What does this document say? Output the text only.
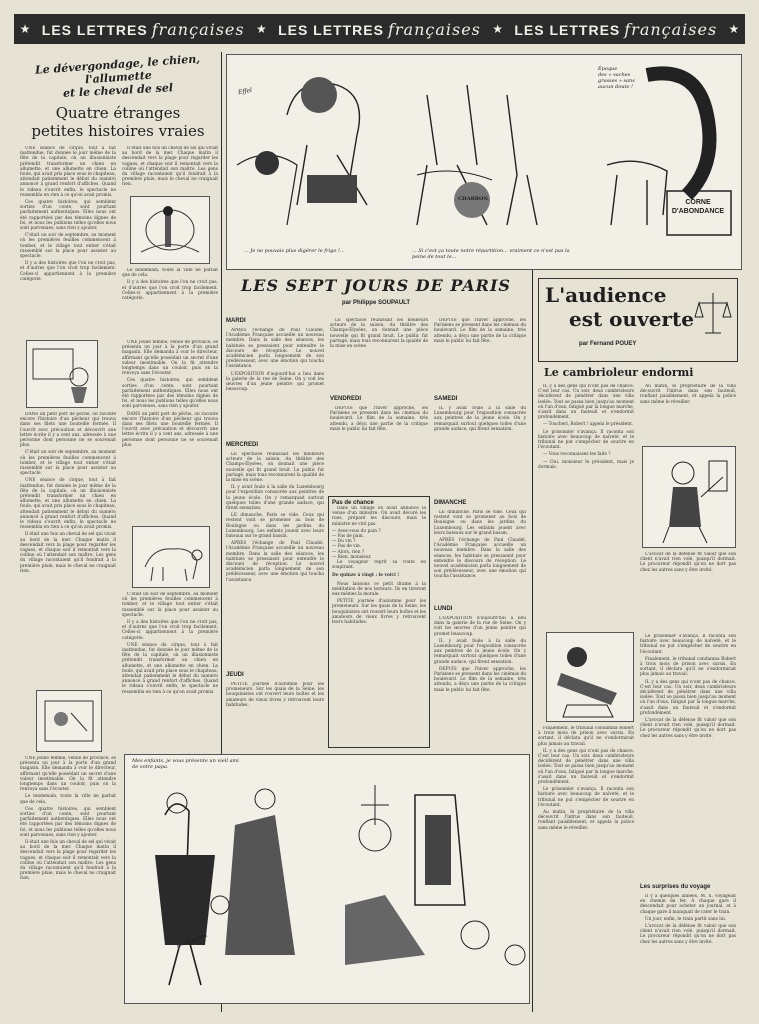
★ LES LETTRES françaises ★ LES LETTRES françaises ★ LES LETTRES françaises ★
Le dévergondage, le chien, l'allumette
et le cheval de sel
Quatre étranges
petites histoires vraies

UNE séance de cirque, tout à fait inattendue, fut donnée le jour même de la fête de la capitale, où un illusionniste prétendit transformer un chien en allumette, et une allumette en chien. La foule, qui avait pris place sous le chapiteau, attendait patiemment le début du numéro annoncé à grand renfort d'affiches. Quand le rideau s'ouvrit enfin, le spectacle ne ressembla en rien à ce qu'on avait promis.

Ces quatre histoires, qui semblent sorties d'un conte, sont pourtant parfaitement authentiques. Elles nous ont été rapportées par des témoins dignes de foi, et nous les publions telles qu'elles nous sont parvenues, sans rien y ajouter.

C'était un soir de septembre, au moment où les premières feuilles commencent à tomber, et le village tout entier s'était rassemblé sur la place pour assister au spectacle.

Il y a des histoires que l'on ne croit pas, et d'autres que l'on croit trop facilement. Celles-ci appartiennent à la première catégorie.

Il était une fois un cheval de sel qui vivait au bord de la mer. Chaque matin il descendait vers la plage pour regarder les vagues, et chaque soir il remontait vers la colline où l'attendait son maître. Les gens du village racontaient qu'il fondrait à la première pluie, mais le cheval ne craignait rien.

Le lendemain, toute la ville ne parlait que de cela.

Il y a des histoires que l'on ne croit pas, et d'autres que l'on croit trop facilement. Celles-ci appartiennent à la première catégorie.

DANS un petit port de pêche, on raconte encore l'histoire d'un pêcheur qui trouva dans ses filets une bouteille fermée. Il l'ouvrit avec précaution et découvrit une lettre écrite il y a cent ans, adressée à une personne dont personne ne se souvenait plus.

C'était un soir de septembre, au moment où les premières feuilles commencent à tomber, et le village tout entier s'était rassemblé sur la place pour assister au spectacle.

UNE séance de cirque, tout à fait inattendue, fut donnée le jour même de la fête de la capitale, où un illusionniste prétendit transformer un chien en allumette, et une allumette en chien. La foule, qui avait pris place sous le chapiteau, attendait patiemment le début du numéro annoncé à grand renfort d'affiches. Quand le rideau s'ouvrit enfin, le spectacle ne ressembla en rien à ce qu'on avait promis.

Il était une fois un cheval de sel qui vivait au bord de la mer. Chaque matin il descendait vers la plage pour regarder les vagues, et chaque soir il remontait vers la colline où l'attendait son maître. Les gens du village racontaient qu'il fondrait à la première pluie, mais le cheval ne craignait rien.

UNE jeune femme, venue de province, se présenta un jour à la porte d'un grand magasin. Elle demanda à voir le directeur, affirmant qu'elle possédait un secret d'une valeur inestimable. On la fit attendre longtemps dans un couloir, puis on la renvoya sans l'écouter.

Ces quatre histoires, qui semblent sorties d'un conte, sont pourtant parfaitement authentiques. Elles nous ont été rapportées par des témoins dignes de foi, et nous les publions telles qu'elles nous sont parvenues, sans rien y ajouter.

DANS un petit port de pêche, on raconte encore l'histoire d'un pêcheur qui trouva dans ses filets une bouteille fermée. Il l'ouvrit avec précaution et découvrit une lettre écrite il y a cent ans, adressée à une personne dont personne ne se souvenait plus.

C'était un soir de septembre, au moment où les premières feuilles commencent à tomber, et le village tout entier s'était rassemblé sur la place pour assister au spectacle.

Il y a des histoires que l'on ne croit pas, et d'autres que l'on croit trop facilement. Celles-ci appartiennent à la première catégorie.

UNE séance de cirque, tout à fait inattendue, fut donnée le jour même de la fête de la capitale, où un illusionniste prétendit transformer un chien en allumette, et une allumette en chien. La foule, qui avait pris place sous le chapiteau, attendait patiemment le début du numéro annoncé à grand renfort d'affiches. Quand le rideau s'ouvrit enfin, le spectacle ne ressembla en rien à ce qu'on avait promis.

UNE jeune femme, venue de province, se présenta un jour à la porte d'un grand magasin. Elle demanda à voir le directeur, affirmant qu'elle possédait un secret d'une valeur inestimable. On la fit attendre longtemps dans un couloir, puis on la renvoya sans l'écouter.

Le lendemain, toute la ville ne parlait que de cela.

Ces quatre histoires, qui semblent sorties d'un conte, sont pourtant parfaitement authentiques. Elles nous ont été rapportées par des témoins dignes de foi, et nous les publions telles qu'elles nous sont parvenues, sans rien y ajouter.

Il était une fois un cheval de sel qui vivait au bord de la mer. Chaque matin il descendait vers la plage pour regarder les vagues, et chaque soir il remontait vers la colline où l'attendait son maître. Les gens du village racontaient qu'il fondrait à la première pluie, mais le cheval ne craignait rien.

Effel
... Je ne pouvais plus digérer le frigo !...	... Si c'est ça toute notre répartition... vraiment ce n'est pas la peine de tout le...
Époque
des « vaches
grasses » sans
aucun doute !
CHARBON	CORNE
D'ABONDANCE
LES SEPT JOURS DE PARIS
par Philippe SOUPAULT
MARDI

APRÈS l'échange de Paul Claudel, l'Académie Française accueille un nouveau membre. Dans la salle des séances, les habitués se pressaient pour entendre le discours de réception. Le nouvel académicien parla longuement de son prédécesseur, avec une émotion qui toucha l'assistance.

L'EXPOSITION d'aujourd'hui a lieu dans la galerie de la rue de Seine. On y voit les œuvres d'un jeune peintre qui promet beaucoup.

MERCREDI

LE spectacle réunissait les meilleurs acteurs de la saison. Au théâtre des Champs-Élysées, on donnait une pièce nouvelle qui fit grand bruit. Le public fut partagé, mais tous reconnurent la qualité de la mise en scène.

IL y avait foule à la salle du Luxembourg pour l'exposition consacrée aux peintres de la jeune école. On y remarquait surtout quelques toiles d'une grande audace, qui firent sensation.

LE dimanche, Paris se vide. Ceux qui restent vont se promener au bois de Boulogne ou dans les jardins du Luxembourg. Les enfants jouent avec leurs bateaux sur le grand bassin.

APRÈS l'échange de Paul Claudel, l'Académie Française accueille un nouveau membre. Dans la salle des séances, les habitués se pressaient pour entendre le discours de réception. Le nouvel académicien parla longuement de son prédécesseur, avec une émotion qui toucha l'assistance.

JEUDI

PETITE journée d'automne pour les promeneurs. Sur les quais de la Seine, les bouquinistes ont rouvert leurs boîtes et les amateurs de vieux livres y retrouvent leurs habitudes.

LE spectacle réunissait les meilleurs acteurs de la saison. Au théâtre des Champs-Élysées, on donnait une pièce nouvelle qui fit grand bruit. Le public fut partagé, mais tous reconnurent la qualité de la mise en scène.

VENDREDI

DEPUIS que l'hiver approche, les Parisiens se pressent dans les cinémas du boulevard. Le film de la semaine, très attendu, a déçu une partie de la critique mais le public lui fait fête.

Pas de chance

Dans un village on avait annoncé la venue d'un ministre. On avait décoré les rues, préparé les discours, mais le ministre ne vint pas.

— Avez-vous du pain ?
— Pas de pain.
— Du vin ?
— Pas de vin.
— Alors, rien ?
— Rien, monsieur.

Le voyageur reprit sa route en soupirant.

De quinze à vingt : le voici !

Nous laissons ce petit drame à la méditation de nos lecteurs. Ils en tireront eux-mêmes la morale.

PETITE journée d'automne pour les promeneurs. Sur les quais de la Seine, les bouquinistes ont rouvert leurs boîtes et les amateurs de vieux livres y retrouvent leurs habitudes.

DEPUIS que l'hiver approche, les Parisiens se pressent dans les cinémas du boulevard. Le film de la semaine, très attendu, a déçu une partie de la critique mais le public lui fait fête.

SAMEDI

IL y avait foule à la salle du Luxembourg pour l'exposition consacrée aux peintres de la jeune école. On y remarquait surtout quelques toiles d'une grande audace, qui firent sensation.

DIMANCHE

LE dimanche, Paris se vide. Ceux qui restent vont se promener au bois de Boulogne ou dans les jardins du Luxembourg. Les enfants jouent avec leurs bateaux sur le grand bassin.

APRÈS l'échange de Paul Claudel, l'Académie Française accueille un nouveau membre. Dans la salle des séances, les habitués se pressaient pour entendre le discours de réception. Le nouvel académicien parla longuement de son prédécesseur, avec une émotion qui toucha l'assistance.

LUNDI

L'EXPOSITION d'aujourd'hui a lieu dans la galerie de la rue de Seine. On y voit les œuvres d'un jeune peintre qui promet beaucoup.

IL y avait foule à la salle du Luxembourg pour l'exposition consacrée aux peintres de la jeune école. On y remarquait surtout quelques toiles d'une grande audace, qui firent sensation.

DEPUIS que l'hiver approche, les Parisiens se pressent dans les cinémas du boulevard. Le film de la semaine, très attendu, a déçu une partie de la critique mais le public lui fait fête.

Mes enfants, je vous présente un vieil ami
de votre papa.
Ian Peterson
L'audience
est ouverte
par Fernand POUEY
Le cambrioleur endormi

IL y a des gens qui n'ont pas de chance. C'est leur cas. Un soir, deux cambrioleurs décidèrent de pénétrer dans une villa isolée. Tout se passa bien jusqu'au moment où l'un d'eux, fatigué par la longue marche, s'assit dans un fauteuil et s'endormit profondément.

— Toucheri, Robert ! appela le président.

Le prisonnier s'avança. Il raconta son histoire avec beaucoup de naïveté, et le tribunal ne put s'empêcher de sourire en l'écoutant.

— Vous reconnaissez les faits ?

— Oui, monsieur le président, mais je dormais.

Au matin, le propriétaire de la villa découvrit l'intrus dans son fauteuil, ronflant paisiblement, et appela la police sans même le réveiller.

L'avocat de la défense fit valoir que son client n'avait rien volé, puisqu'il dormait. Le procureur répondit qu'on ne dort pas chez les autres sans y être invité.

Finalement, le tribunal condamna Robert à trois mois de prison avec sursis. En sortant, il déclara qu'il ne s'endormirait plus jamais au travail.

IL y a des gens qui n'ont pas de chance. C'est leur cas. Un soir, deux cambrioleurs décidèrent de pénétrer dans une villa isolée. Tout se passa bien jusqu'au moment où l'un d'eux, fatigué par la longue marche, s'assit dans un fauteuil et s'endormit profondément.

Le prisonnier s'avança. Il raconta son histoire avec beaucoup de naïveté, et le tribunal ne put s'empêcher de sourire en l'écoutant.

Au matin, le propriétaire de la villa découvrit l'intrus dans son fauteuil, ronflant paisiblement, et appela la police sans même le réveiller.

Le prisonnier s'avança. Il raconta son histoire avec beaucoup de naïveté, et le tribunal ne put s'empêcher de sourire en l'écoutant.

Finalement, le tribunal condamna Robert à trois mois de prison avec sursis. En sortant, il déclara qu'il ne s'endormirait plus jamais au travail.

IL y a des gens qui n'ont pas de chance. C'est leur cas. Un soir, deux cambrioleurs décidèrent de pénétrer dans une villa isolée. Tout se passa bien jusqu'au moment où l'un d'eux, fatigué par la longue marche, s'assit dans un fauteuil et s'endormit profondément.

L'avocat de la défense fit valoir que son client n'avait rien volé, puisqu'il dormait. Le procureur répondit qu'on ne dort pas chez les autres sans y être invité.

Les surprises du voyage

Il y a quelques années, M. X. voyageait en chemin de fer. À chaque gare il descendait pour acheter un journal, et à chaque gare il manquait de rater le train.

Un jour, enfin, le train partit sans lui.

L'avocat de la défense fit valoir que son client n'avait rien volé, puisqu'il dormait. Le procureur répondit qu'on ne dort pas chez les autres sans y être invité.
